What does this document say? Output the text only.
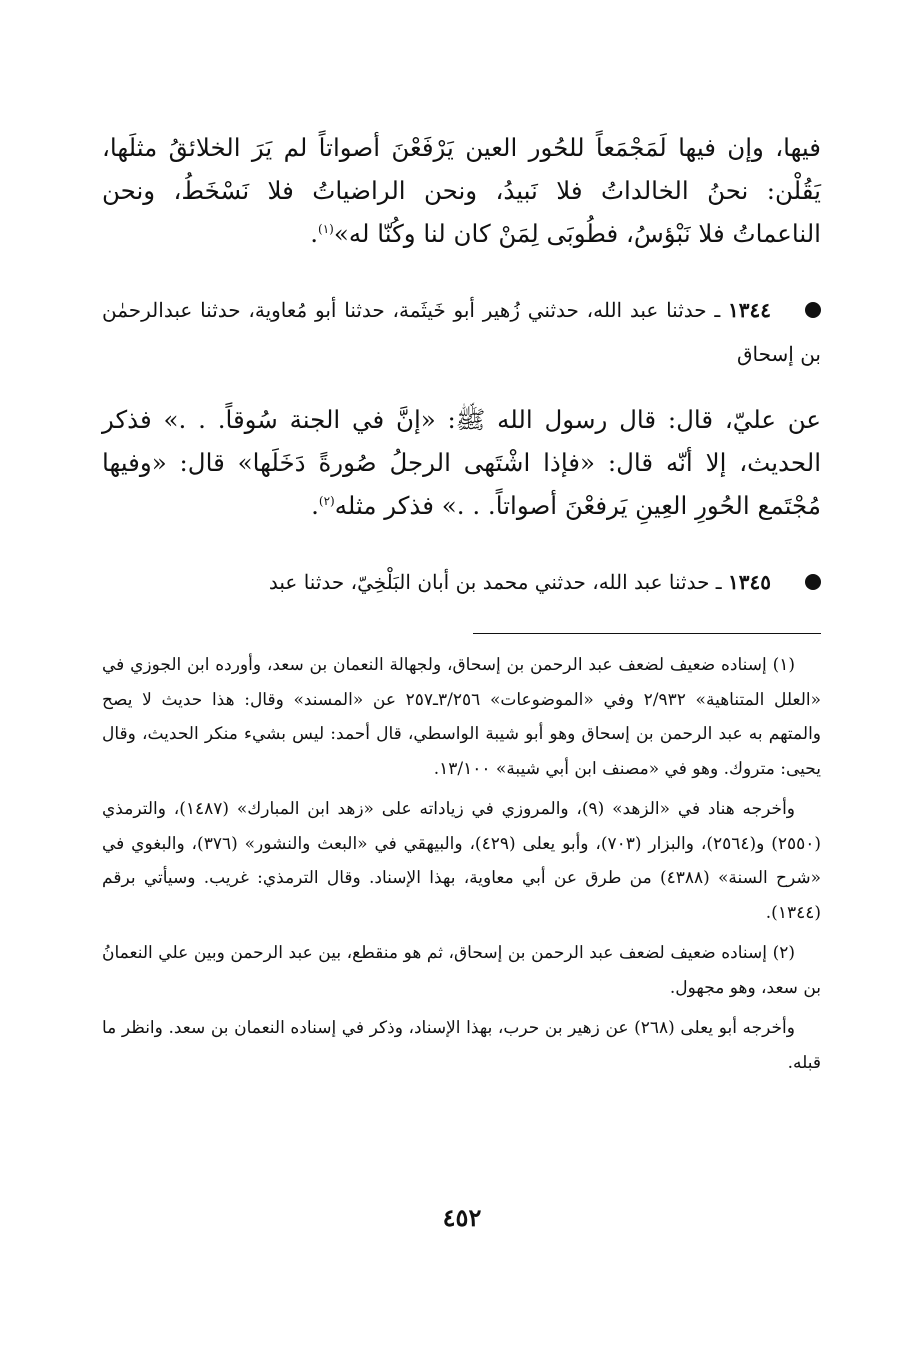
فيها، وإن فيها لَمَجْمَعاً للحُور العين يَرْفَعْنَ أصواتاً لم يَرَ الخلائقُ مثلَها، يَقُلْن: نحنُ الخالداتُ فلا نَبيدُ، ونحن الراضياتُ فلا نَسْخَطُ، ونحن الناعماتُ فلا نَبْؤسُ، فطُوبَى لِمَنْ كان لنا وكُنّا له»$^{(١)}$.

١٣٤٤ ـ حدثنا عبد الله، حدثني زُهير أبو خَيثَمة، حدثنا أبو مُعاوية، حدثنا عبدالرحمٰن بن إسحاق

عن عليّ، قال: قال رسول الله ﷺ: «إنَّ في الجنة سُوقاً. . .» فذكر الحديث، إلا أنّه قال: «فإذا اشْتَهى الرجلُ صُورةً دَخَلَها» قال: «وفيها مُجْتَمع الحُورِ العِينِ يَرفعْنَ أصواتاً. . .» فذكر مثله$^{(٢)}$.

١٣٤٥ ـ حدثنا عبد الله، حدثني محمد بن أبان البَلْخِيّ، حدثنا عبد

(١) إسناده ضعيف لضعف عبد الرحمن بن إسحاق، ولجهالة النعمان بن سعد، وأورده ابن الجوزي في «العلل المتناهية» ٢/٩٣٢ وفي «الموضوعات» ٣/٢٥٦ـ٢٥٧ عن «المسند» وقال: هذا حديث لا يصح والمتهم به عبد الرحمن بن إسحاق وهو أبو شيبة الواسطي، قال أحمد: ليس بشيء منكر الحديث، وقال يحيى: متروك. وهو في «مصنف ابن أبي شيبة» ١٣/١٠٠.

وأخرجه هناد في «الزهد» (٩)، والمروزي في زياداته على «زهد ابن المبارك» (١٤٨٧)، والترمذي (٢٥٥٠) و(٢٥٦٤)، والبزار (٧٠٣)، وأبو يعلى (٤٢٩)، والبيهقي في «البعث والنشور» (٣٧٦)، والبغوي في «شرح السنة» (٤٣٨٨) من طرق عن أبي معاوية، بهذا الإسناد. وقال الترمذي: غريب. وسيأتي برقم (١٣٤٤).

(٢) إسناده ضعيف لضعف عبد الرحمن بن إسحاق، ثم هو منقطع، بين عبد الرحمن وبين علي النعمانُ بن سعد، وهو مجهول.

وأخرجه أبو يعلى (٢٦٨) عن زهير بن حرب، بهذا الإسناد، وذكر في إسناده النعمان بن سعد. وانظر ما قبله.

٤٥٢
